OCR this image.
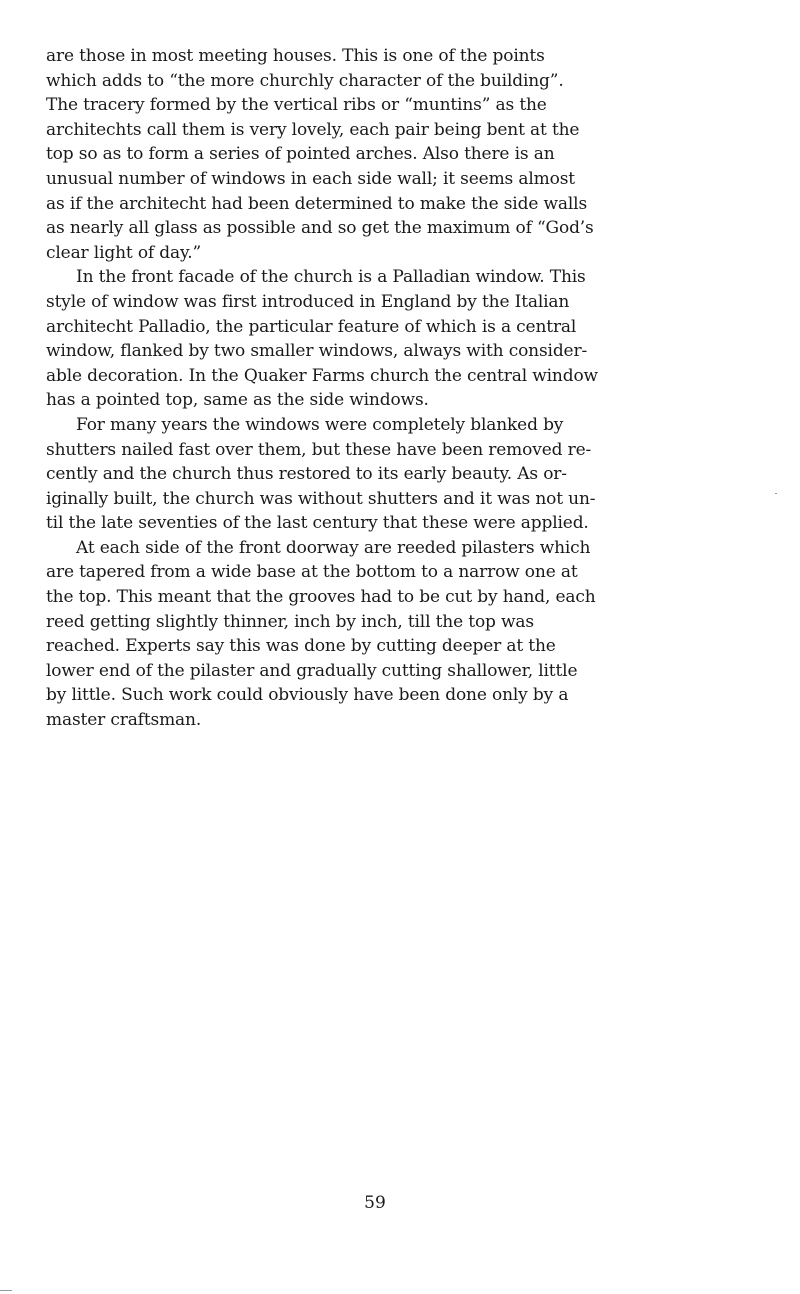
are those in most meeting houses. This is one of the points
which adds to “the more churchly character of the building”.
The tracery formed by the vertical ribs or “muntins” as the
architechts call them is very lovely, each pair being bent at the
top so as to form a series of pointed arches. Also there is an
unusual number of windows in each side wall; it seems almost
as if the architecht had been determined to make the side walls
as nearly all glass as possible and so get the maximum of “God’s
clear light of day.”
In the front facade of the church is a Palladian window. This
style of window was first introduced in England by the Italian
architecht Palladio, the particular feature of which is a central
window, flanked by two smaller windows, always with consider-
able decoration. In the Quaker Farms church the central window
has a pointed top, same as the side windows.
For many years the windows were completely blanked by
shutters nailed fast over them, but these have been removed re-
cently and the church thus restored to its early beauty. As or-
iginally built, the church was without shutters and it was not un-
til the late seventies of the last century that these were applied.
At each side of the front doorway are reeded pilasters which
are tapered from a wide base at the bottom to a narrow one at
the top. This meant that the grooves had to be cut by hand, each
reed getting slightly thinner, inch by inch, till the top was
reached. Experts say this was done by cutting deeper at the
lower end of the pilaster and gradually cutting shallower, little
by little. Such work could obviously have been done only by a
master craftsman.
59
